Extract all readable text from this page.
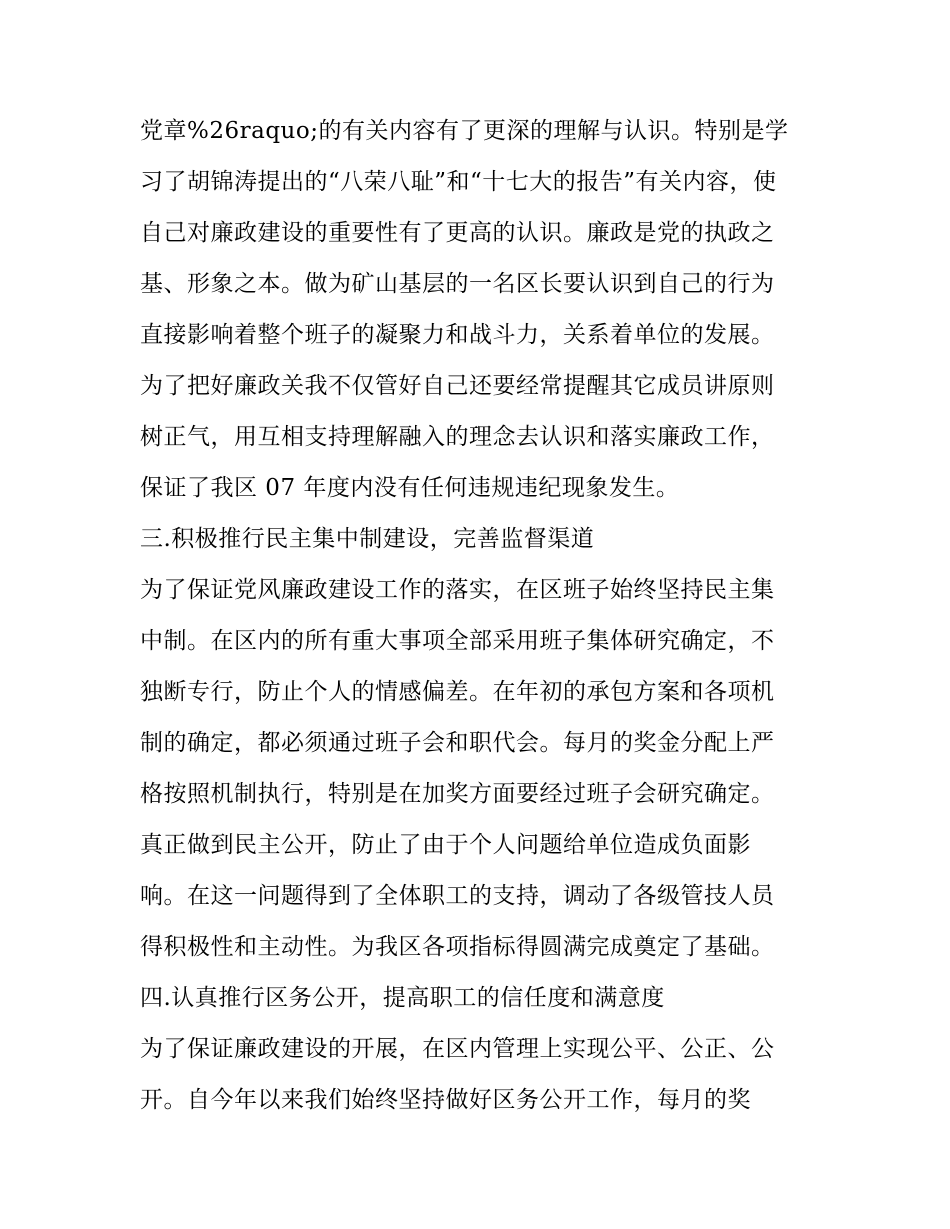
党章%26raquo;的有关内容有了更深的理解与认识。特别是学
习了胡锦涛提出的“八荣八耻”和“十七大的报告”有关内容，使
自己对廉政建设的重要性有了更高的认识。廉政是党的执政之
基、形象之本。做为矿山基层的一名区长要认识到自己的行为
直接影响着整个班子的凝聚力和战斗力，关系着单位的发展。
为了把好廉政关我不仅管好自己还要经常提醒其它成员讲原则
树正气，用互相支持理解融入的理念去认识和落实廉政工作，
保证了我区 07 年度内没有任何违规违纪现象发生。
三.积极推行民主集中制建设，完善监督渠道
为了保证党风廉政建设工作的落实，在区班子始终坚持民主集
中制。在区内的所有重大事项全部采用班子集体研究确定，不
独断专行，防止个人的情感偏差。在年初的承包方案和各项机
制的确定，都必须通过班子会和职代会。每月的奖金分配上严
格按照机制执行，特别是在加奖方面要经过班子会研究确定。
真正做到民主公开，防止了由于个人问题给单位造成负面影
响。在这一问题得到了全体职工的支持，调动了各级管技人员
得积极性和主动性。为我区各项指标得圆满完成奠定了基础。
四.认真推行区务公开，提高职工的信任度和满意度
为了保证廉政建设的开展，在区内管理上实现公平、公正、公
开。自今年以来我们始终坚持做好区务公开工作，每月的奖
